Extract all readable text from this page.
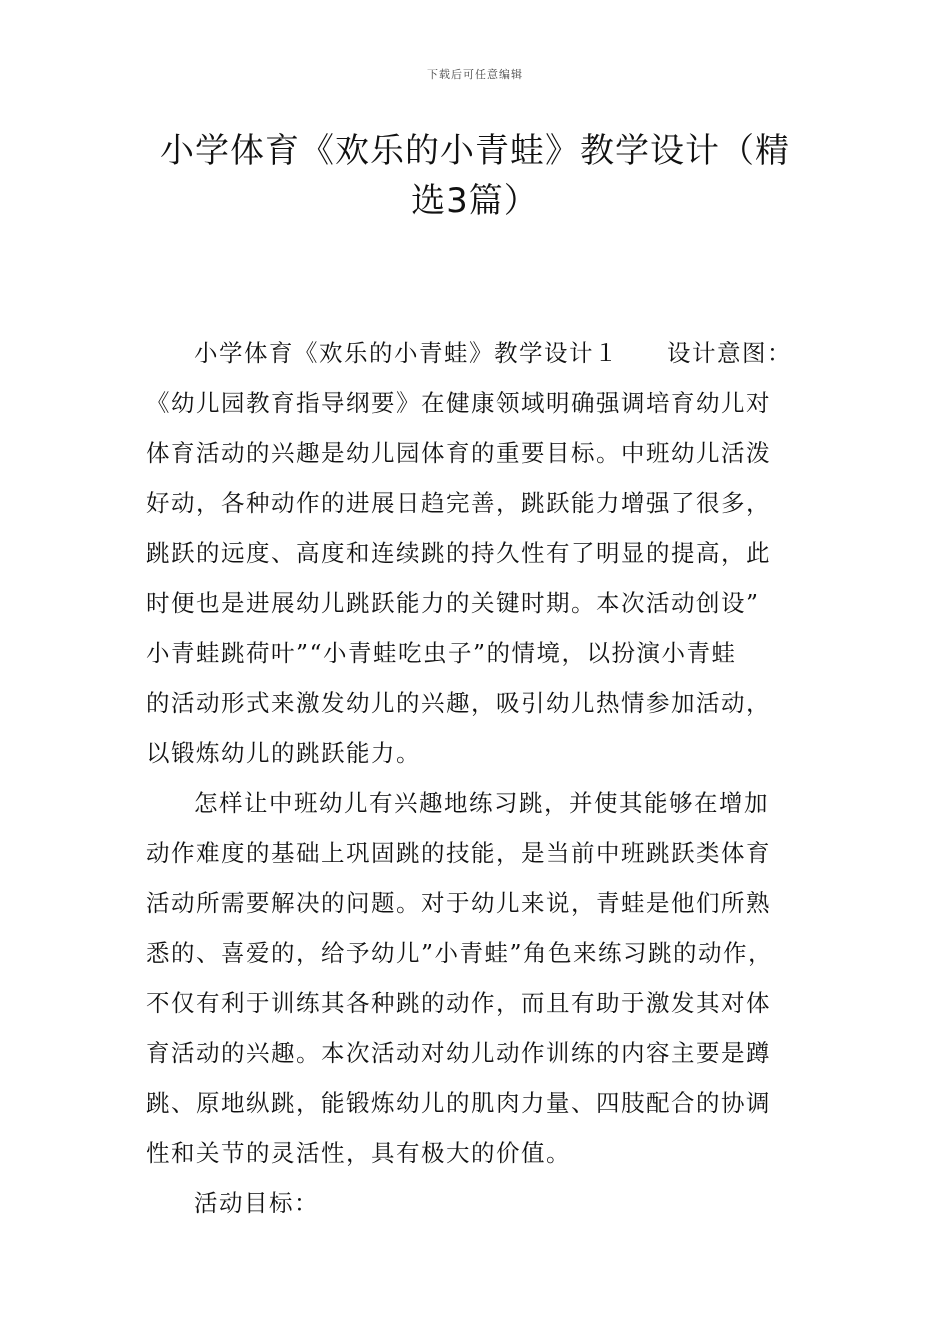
下载后可任意编辑
小学体育《欢乐的小青蛙》教学设计（精
选3篇）

小学体育《欢乐的小青蛙》教学设计１ 设计意图：
《幼儿园教育指导纲要》在健康领域明确强调培育幼儿对
体育活动的兴趣是幼儿园体育的重要目标。中班幼儿活泼
好动，各种动作的进展日趋完善，跳跃能力增强了很多，
跳跃的远度、高度和连续跳的持久性有了明显的提高，此
时便也是进展幼儿跳跃能力的关键时期。本次活动创设”
小青蛙跳荷叶”“小青蛙吃虫子”的情境，以扮演小青蛙
的活动形式来激发幼儿的兴趣，吸引幼儿热情参加活动，
以锻炼幼儿的跳跃能力。

怎样让中班幼儿有兴趣地练习跳，并使其能够在增加
动作难度的基础上巩固跳的技能，是当前中班跳跃类体育
活动所需要解决的问题。对于幼儿来说，青蛙是他们所熟
悉的、喜爱的，给予幼儿”小青蛙”角色来练习跳的动作，
不仅有利于训练其各种跳的动作，而且有助于激发其对体
育活动的兴趣。本次活动对幼儿动作训练的内容主要是蹲
跳、原地纵跳，能锻炼幼儿的肌肉力量、四肢配合的协调
性和关节的灵活性，具有极大的价值。

活动目标：
